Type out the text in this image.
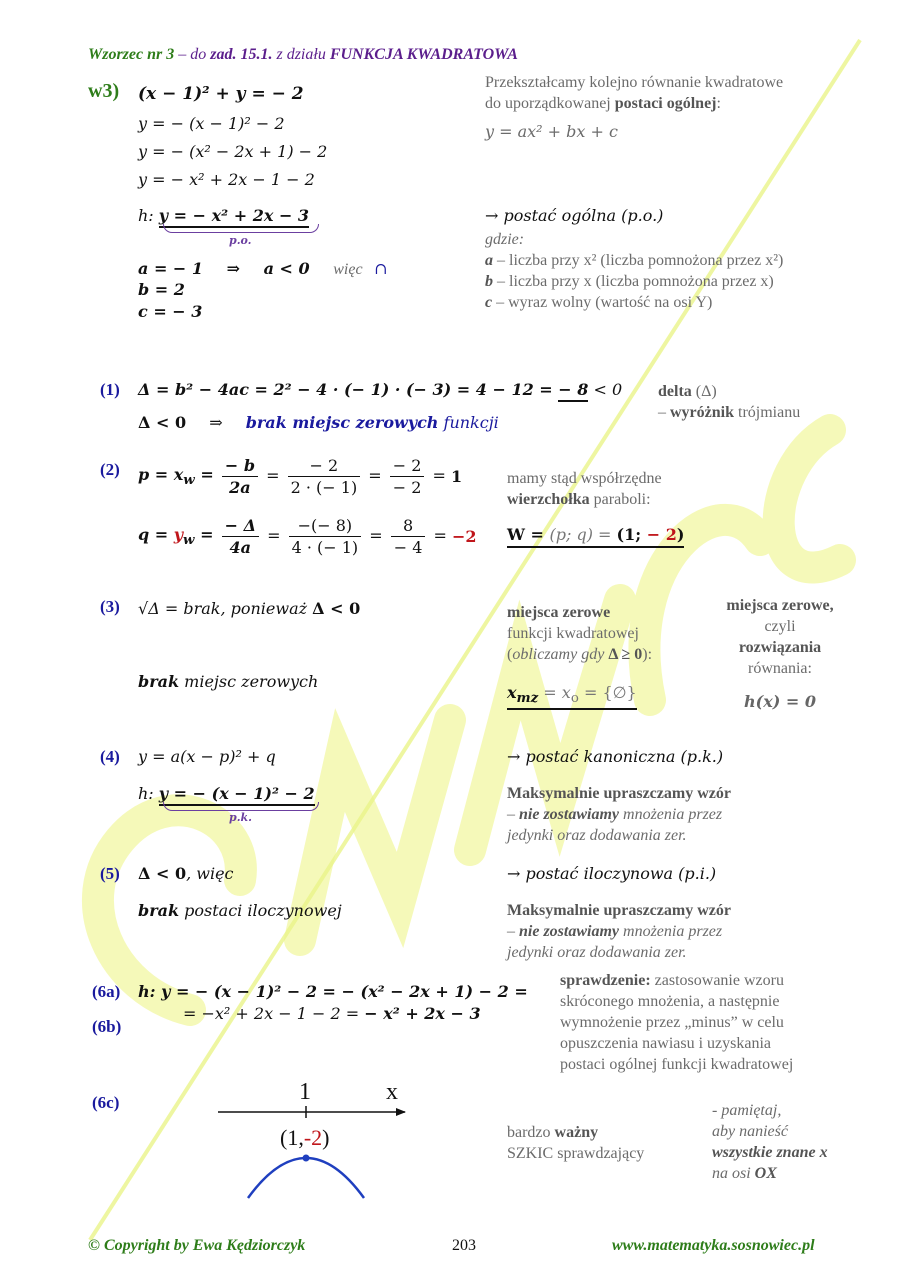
Wzorzec nr 3 – do zad. 15.1. z działu FUNKCJA KWADRATOWA
w3) (x − 1)² + y = − 2
y = − (x − 1)² − 2
y = − (x² − 2x + 1) − 2
y = − x² + 2x − 1 − 2
h: y = − x² + 2x − 3
p.o.
a = − 1 ⇒ a < 0 więc ∩
b = 2
c = − 3
Przekształcamy kolejno równanie kwadratowe
do uporządkowanej postaci ogólnej:
y = ax² + bx + c
→ postać ogólna (p.o.)
gdzie:
a – liczba przy x² (liczba pomnożona przez x²)
b – liczba przy x (liczba pomnożona przez x)
c – wyraz wolny (wartość na osi Y)
(1) Δ = b² − 4ac = 2² − 4 · (− 1) · (− 3) = 4 − 12 = − 8 < 0
Δ < 0 ⇒ brak miejsc zerowych funkcji
delta (Δ)
– wyróżnik trójmianu
(2) $p = x_w = \frac{- b}{2a} = \frac{- 2}{2 \cdot (- 1)} = \frac{- 2}{- 2} = 1$
$q = y_w = \frac{- \Delta}{4a} = \frac{-(- 8)}{4 \cdot (- 1)} = \frac{8}{- 4} = -2$
mamy stąd współrzędne
wierzchołka paraboli:
W = (p; q) = (1; − 2)
(3) √Δ = brak, ponieważ Δ < 0
brak miejsc zerowych
miejsca zerowe
funkcji kwadratowej
(obliczamy gdy Δ ≥ 0):
$x_{mz} = x_o$ = {∅}
miejsca zerowe,
czyli
rozwiązania
równania:
h(x) = 0
(4) y = a(x − p)² + q
h: y = − (x − 1)² − 2
p.k.
→ postać kanoniczna (p.k.)
Maksymalnie upraszczamy wzór
– nie zostawiamy mnożenia przez
jedynki oraz dodawania zer.
(5) Δ < 0, więc
brak postaci iloczynowej
→ postać iloczynowa (p.i.)
Maksymalnie upraszczamy wzór
– nie zostawiamy mnożenia przez
jedynki oraz dodawania zer.
(6a)
(6b)
h: y = − (x − 1)² − 2 = − (x² − 2x + 1) − 2 =
= −x² + 2x − 1 − 2 = − x² + 2x − 3
sprawdzenie: zastosowanie wzoru
skróconego mnożenia, a następnie
wymnożenie przez „minus” w celu
opuszczenia nawiasu i uzyskania
postaci ogólnej funkcji kwadratowej
(6c)	1	x
(1,-2)	bardzo ważny
SZKIC sprawdzający
- pamiętaj,
aby nanieść
wszystkie znane x
na osi OX
© Copyright by Ewa Kędziorczyk	203	www.matematyka.sosnowiec.pl
